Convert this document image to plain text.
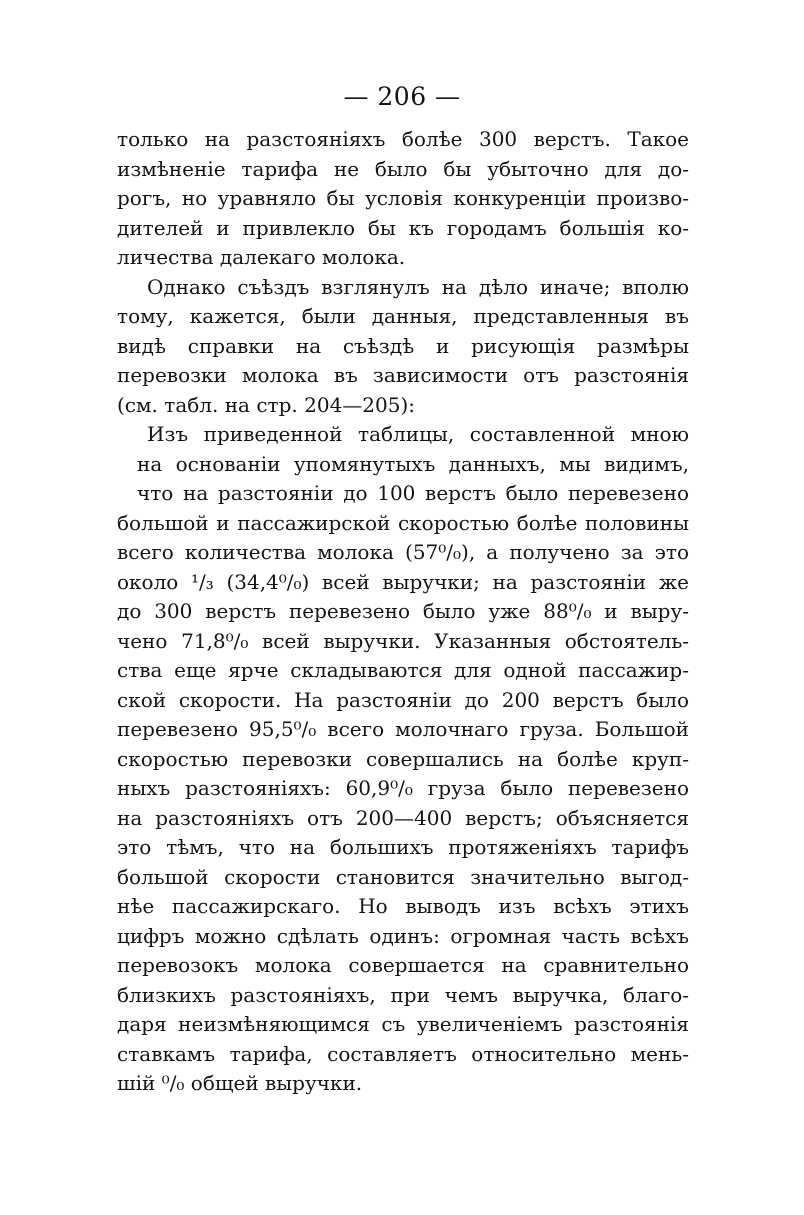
— 206 —
только на разстояніяхъ болѣе 300 верстъ. Такое
измѣненіе тарифа не было бы убыточно для до-
рогъ, но уравняло бы условія конкуренціи произво-
дителей и привлекло бы къ городамъ большія ко-
личества далекаго молока.
Однако съѣздъ взглянулъ на дѣло иначе; вполю
тому, кажется, были данныя, представленныя въ
видѣ справки на съѣздѣ и рисующія размѣры
перевозки молока въ зависимости отъ разстоянія
(см. табл. на стр. 204—205):
Изъ приведенной таблицы, составленной мною
на основаніи упомянутыхъ данныхъ, мы видимъ,
что на разстояніи до 100 верстъ было перевезено
большой и пассажирской скоростью болѣе половины
всего количества молока (57⁰/₀), а получено за это
около ¹/₃ (34,4⁰/₀) всей выручки; на разстояніи же
до 300 верстъ перевезено было уже 88⁰/₀ и выру-
чено 71,8⁰/₀ всей выручки. Указанныя обстоятель-
ства еще ярче складываются для одной пассажир-
ской скорости. На разстояніи до 200 верстъ было
перевезено 95,5⁰/₀ всего молочнаго груза. Большой
скоростью перевозки совершались на болѣе круп-
ныхъ разстояніяхъ: 60,9⁰/₀ груза было перевезено
на разстояніяхъ отъ 200—400 верстъ; объясняется
это тѣмъ, что на большихъ протяженіяхъ тарифъ
большой скорости становится значительно выгод-
нѣе пассажирскаго. Но выводъ изъ всѣхъ этихъ
цифръ можно сдѣлать одинъ: огромная часть всѣхъ
перевозокъ молока совершается на сравнительно
близкихъ разстояніяхъ, при чемъ выручка, благо-
даря неизмѣняющимся съ увеличеніемъ разстоянія
ставкамъ тарифа, составляетъ относительно мень-
шій ⁰/₀ общей выручки.
